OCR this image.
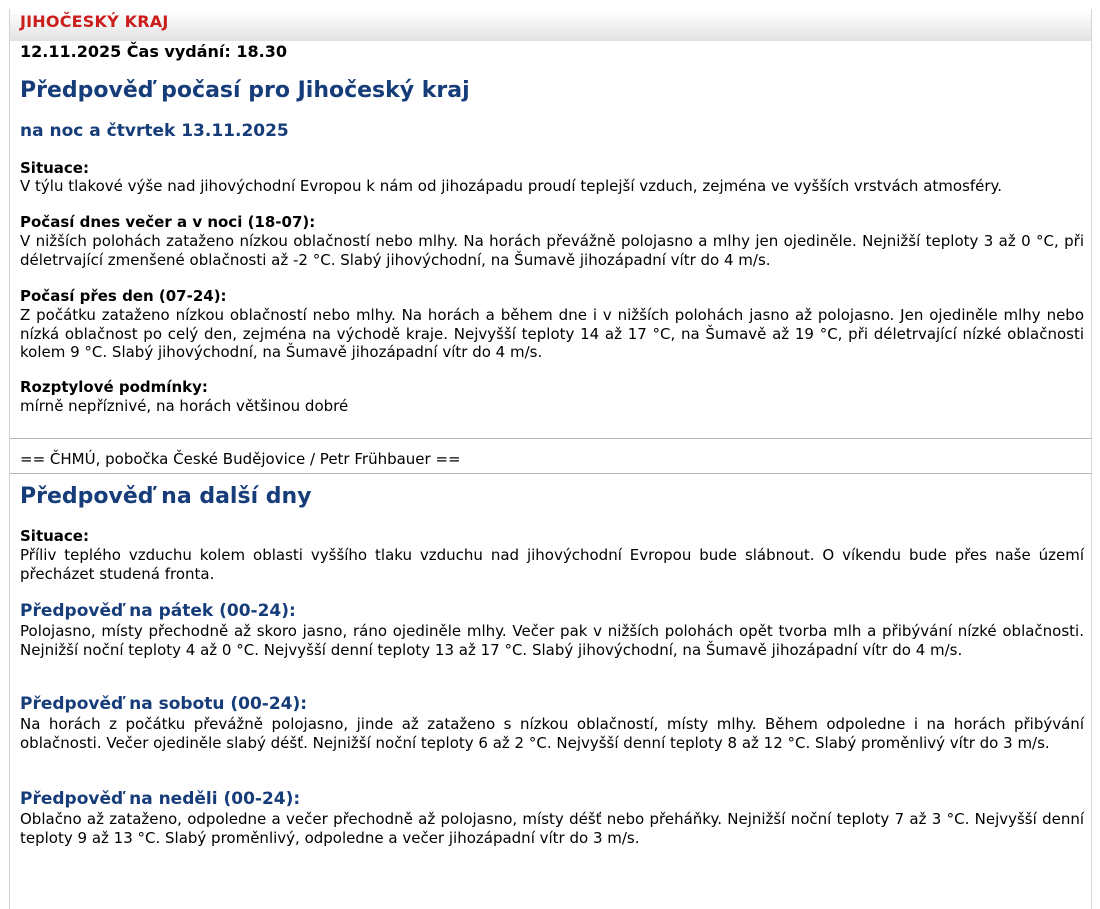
JIHOČESKÝ KRAJ
12.11.2025 Čas vydání: 18.30
Předpověď počasí pro Jihočeský kraj
na noc a čtvrtek 13.11.2025
Situace:
V týlu tlakové výše nad jihovýchodní Evropou k nám od jihozápadu proudí teplejší vzduch, zejména ve vyšších vrstvách atmosféry.
Počasí dnes večer a v noci (18-07):
V nižších polohách zataženo nízkou oblačností nebo mlhy. Na horách převážně polojasno a mlhy jen ojediněle. Nejnižší teploty 3 až 0 °C, při déletrvající zmenšené oblačnosti až -2 °C. Slabý jihovýchodní, na Šumavě jihozápadní vítr do 4 m/s.
Počasí přes den (07-24):
Z počátku zataženo nízkou oblačností nebo mlhy. Na horách a během dne i v nižších polohách jasno až polojasno. Jen ojediněle mlhy nebo nízká oblačnost po celý den, zejména na východě kraje. Nejvyšší teploty 14 až 17 °C, na Šumavě až 19 °C, při déletrvající nízké oblačnosti kolem 9 °C. Slabý jihovýchodní, na Šumavě jihozápadní vítr do 4 m/s.
Rozptylové podmínky:
mírně nepříznivé, na horách většinou dobré
== ČHMÚ, pobočka České Budějovice / Petr Frühbauer ==
Předpověď na další dny
Situace:
Příliv teplého vzduchu kolem oblasti vyššího tlaku vzduchu nad jihovýchodní Evropou bude slábnout. O víkendu bude přes naše území přecházet studená fronta.
Předpověď na pátek (00-24):
Polojasno, místy přechodně až skoro jasno, ráno ojediněle mlhy. Večer pak v nižších polohách opět tvorba mlh a přibývání nízké oblačnosti. Nejnižší noční teploty 4 až 0 °C. Nejvyšší denní teploty 13 až 17 °C. Slabý jihovýchodní, na Šumavě jihozápadní vítr do 4 m/s.
Předpověď na sobotu (00-24):
Na horách z počátku převážně polojasno, jinde až zataženo s nízkou oblačností, místy mlhy. Během odpoledne i na horách přibývání oblačnosti. Večer ojediněle slabý déšť. Nejnižší noční teploty 6 až 2 °C. Nejvyšší denní teploty 8 až 12 °C. Slabý proměnlivý vítr do 3 m/s.
Předpověď na neděli (00-24):
Oblačno až zataženo, odpoledne a večer přechodně až polojasno, místy déšť nebo přeháňky. Nejnižší noční teploty 7 až 3 °C. Nejvyšší denní teploty 9 až 13 °C. Slabý proměnlivý, odpoledne a večer jihozápadní vítr do 3 m/s.
